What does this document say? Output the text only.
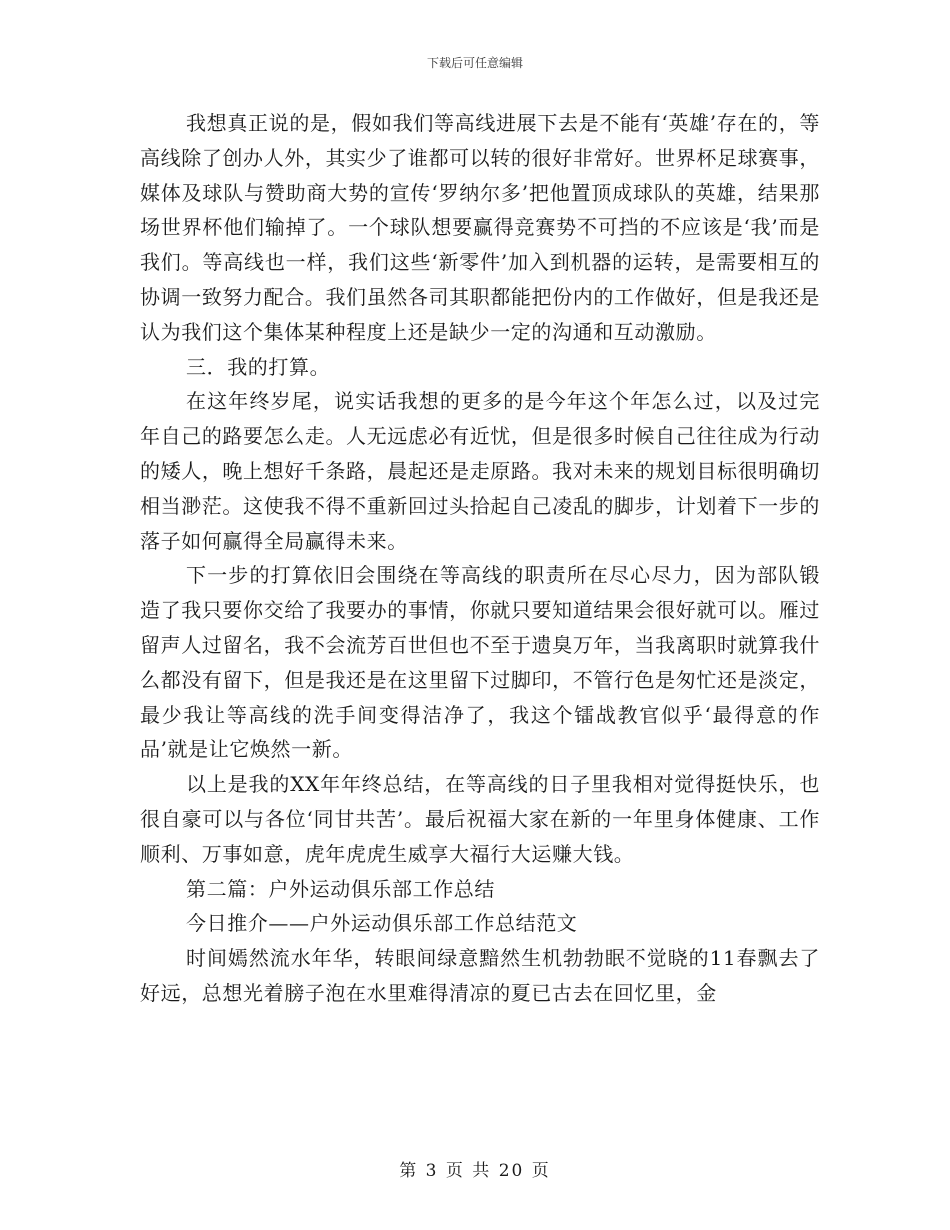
下载后可任意编辑

我想真正说的是，假如我们等高线进展下去是不能有‘英雄’存在的，等高线除了创办人外，其实少了谁都可以转的很好非常好。世界杯足球赛事，媒体及球队与赞助商大势的宣传‘罗纳尔多’把他置顶成球队的英雄，结果那场世界杯他们输掉了。一个球队想要赢得竞赛势不可挡的不应该是‘我’而是我们。等高线也一样，我们这些‘新零件’加入到机器的运转，是需要相互的协调一致努力配合。我们虽然各司其职都能把份内的工作做好，但是我还是认为我们这个集体某种程度上还是缺少一定的沟通和互动激励。

三．我的打算。

在这年终岁尾，说实话我想的更多的是今年这个年怎么过，以及过完年自己的路要怎么走。人无远虑必有近忧，但是很多时候自己往往成为行动的矮人，晚上想好千条路，晨起还是走原路。我对未来的规划目标很明确切相当渺茫。这使我不得不重新回过头拾起自己凌乱的脚步，计划着下一步的落子如何赢得全局赢得未来。

下一步的打算依旧会围绕在等高线的职责所在尽心尽力，因为部队锻造了我只要你交给了我要办的事情，你就只要知道结果会很好就可以。雁过留声人过留名，我不会流芳百世但也不至于遗臭万年，当我离职时就算我什么都没有留下，但是我还是在这里留下过脚印，不管行色是匆忙还是淡定，最少我让等高线的洗手间变得洁净了，我这个镭战教官似乎‘最得意的作品’就是让它焕然一新。

以上是我的XX年年终总结，在等高线的日子里我相对觉得挺快乐，也很自豪可以与各位‘同甘共苦’。最后祝福大家在新的一年里身体健康、工作顺利、万事如意，虎年虎虎生威享大福行大运赚大钱。

第二篇：户外运动俱乐部工作总结

今日推介——户外运动俱乐部工作总结范文

时间嫣然流水年华，转眼间绿意黯然生机勃勃眠不觉晓的11春飘去了好远，总想光着膀子泡在水里难得清凉的夏已古去在回忆里，金

第 3 页 共 20 页
